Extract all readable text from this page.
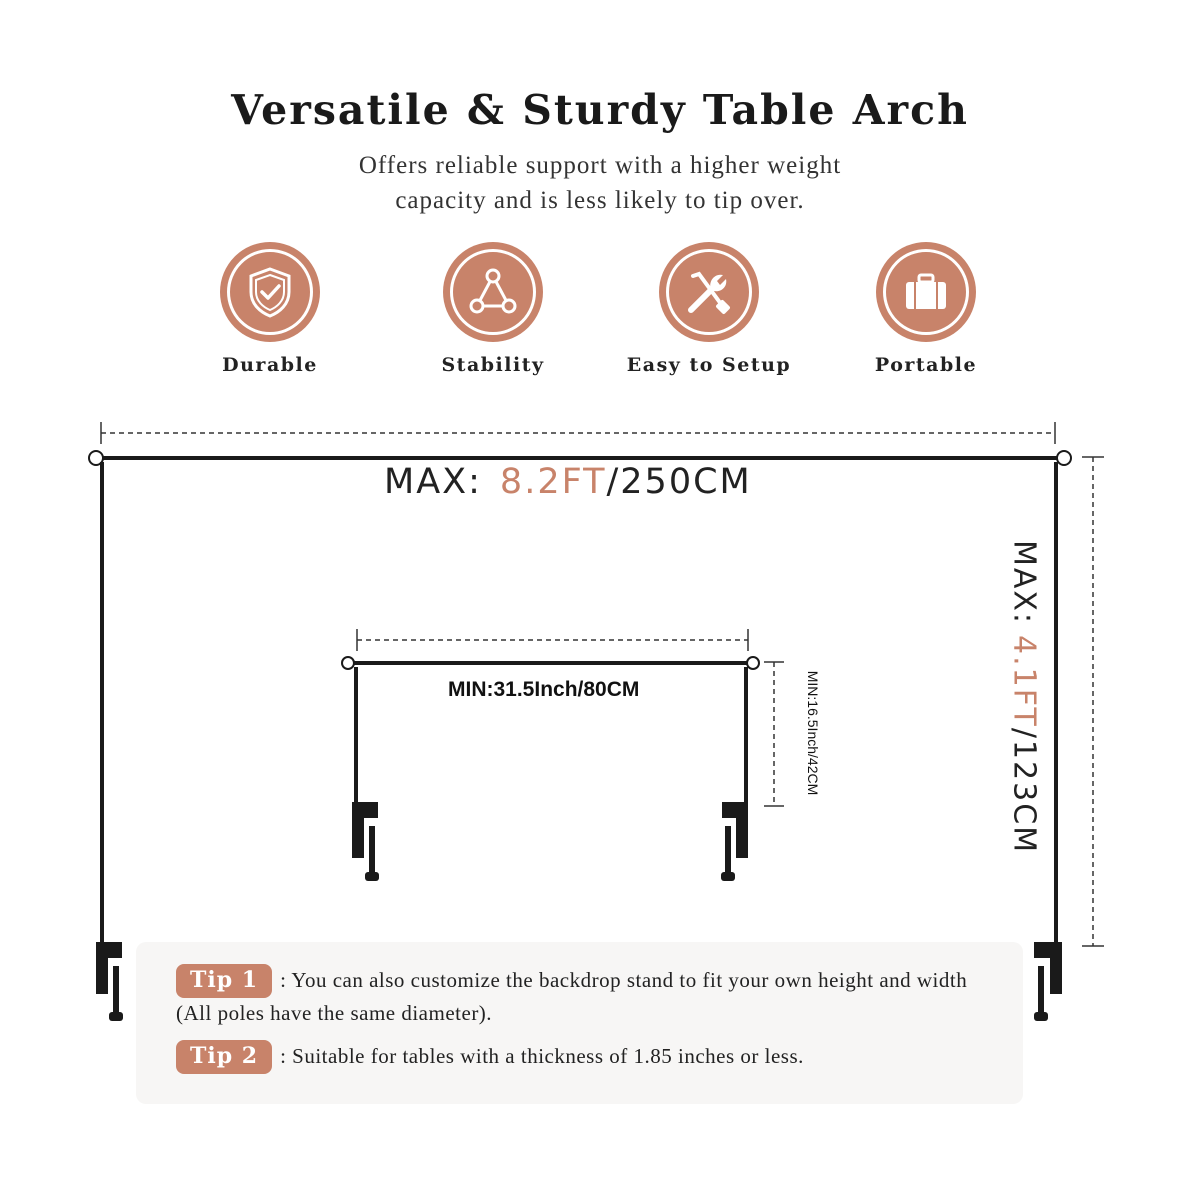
Versatile & Sturdy Table Arch
Offers reliable support with a higher weight
capacity and is less likely to tip over.
Durable	Stability	Easy to Setup	Portable
MAX: 8.2FT/250CM
MIN:31.5Inch/80CM	MIN:16.5Inch/42CM
MAX:4.1FT/123CM
Tip 1 : You can also customize the backdrop stand to fit your own height and width (All poles have the same diameter).
Tip 2 : Suitable for tables with a thickness of 1.85 inches or less.
